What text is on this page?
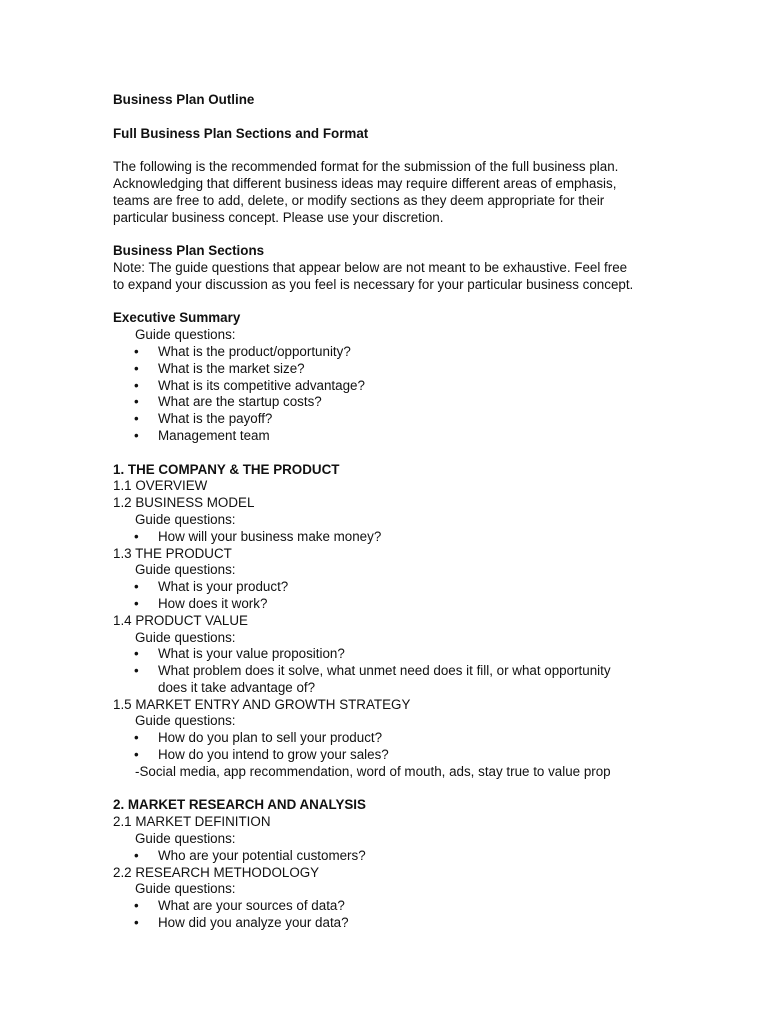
Business Plan Outline
Full Business Plan Sections and Format
The following is the recommended format for the submission of the full business plan.
Acknowledging that different business ideas may require different areas of emphasis,
teams are free to add, delete, or modify sections as they deem appropriate for their
particular business concept. Please use your discretion.
Business Plan Sections
Note: The guide questions that appear below are not meant to be exhaustive. Feel free
to expand your discussion as you feel is necessary for your particular business concept.
Executive Summary
Guide questions:
• What is the product/opportunity?
• What is the market size?
• What is its competitive advantage?
• What are the startup costs?
• What is the payoff?
• Management team
1. THE COMPANY & THE PRODUCT
1.1 OVERVIEW
1.2 BUSINESS MODEL
Guide questions:
• How will your business make money?
1.3 THE PRODUCT
Guide questions:
• What is your product?
• How does it work?
1.4 PRODUCT VALUE
Guide questions:
• What is your value proposition?
• What problem does it solve, what unmet need does it fill, or what opportunity does it take advantage of?
1.5 MARKET ENTRY AND GROWTH STRATEGY
Guide questions:
• How do you plan to sell your product?
• How do you intend to grow your sales?
-Social media, app recommendation, word of mouth, ads, stay true to value prop
2. MARKET RESEARCH AND ANALYSIS
2.1 MARKET DEFINITION
Guide questions:
• Who are your potential customers?
2.2 RESEARCH METHODOLOGY
Guide questions:
• What are your sources of data?
• How did you analyze your data?
